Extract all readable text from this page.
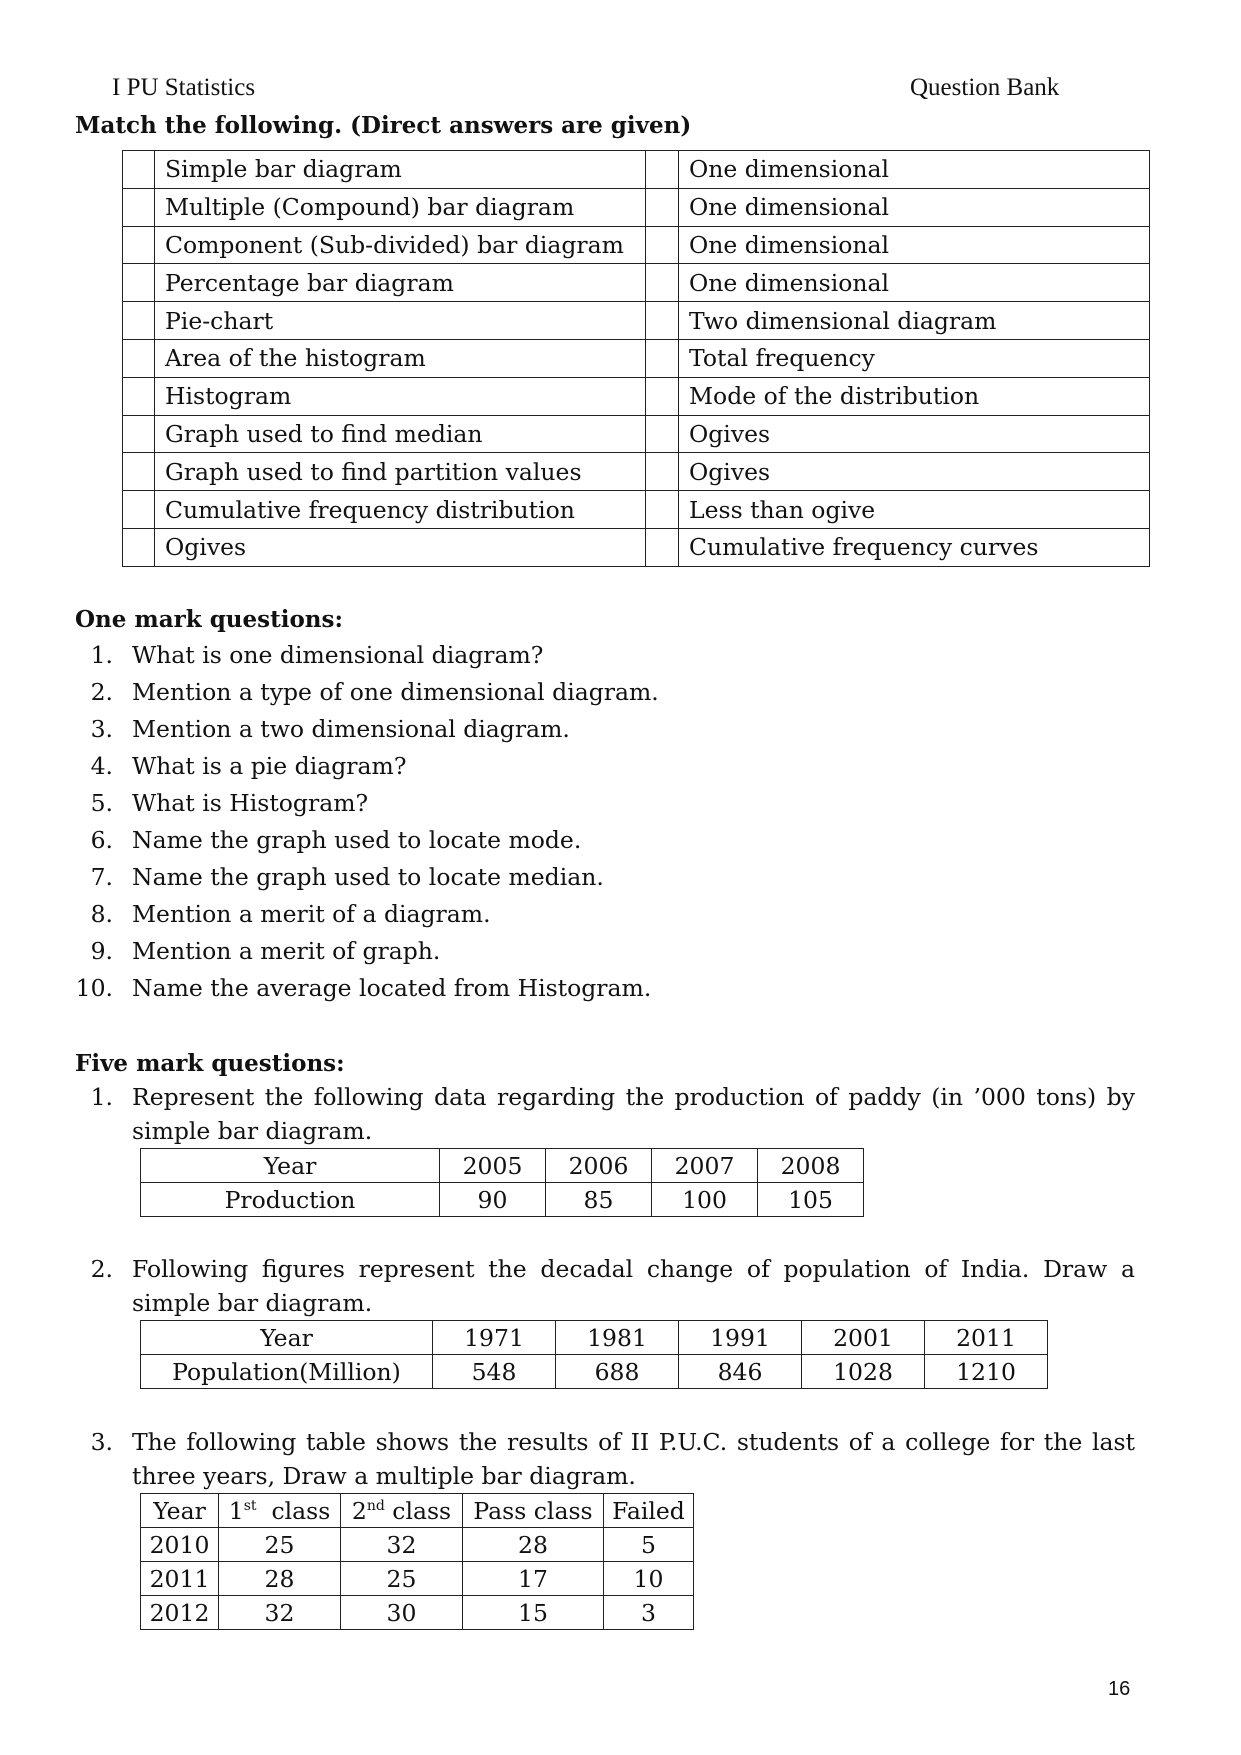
I PU Statistics	Question Bank
Match the following. (Direct answers are given)
	Simple bar diagram		One dimensional
	Multiple (Compound) bar diagram		One dimensional
	Component (Sub-divided) bar diagram		One dimensional
	Percentage bar diagram		One dimensional
	Pie-chart		Two dimensional diagram
	Area of the histogram		Total frequency
	Histogram		Mode of the distribution
	Graph used to find median		Ogives
	Graph used to find partition values		Ogives
	Cumulative frequency distribution		Less than ogive
	Ogives		Cumulative frequency curves
One mark questions:
1. What is one dimensional diagram?
2. Mention a type of one dimensional diagram.
3. Mention a two dimensional diagram.
4. What is a pie diagram?
5. What is Histogram?
6. Name the graph used to locate mode.
7. Name the graph used to locate median.
8. Mention a merit of a diagram.
9. Mention a merit of graph.
10. Name the average located from Histogram.
Five mark questions:
1. Represent the following data regarding the production of paddy (in ’000 tons) by simple bar diagram.
Year	2005	2006	2007	2008
Production	90	85	100	105
2. Following figures represent the decadal change of population of India. Draw a simple bar diagram.
Year	1971	1981	1991	2001	2011
Population(Million)	548	688	846	1028	1210
3. The following table shows the results of II P.U.C. students of a college for the last three years, Draw a multiple bar diagram.
Year	1st  class	2nd class	Pass class	Failed
2010	25	32	28	5
2011	28	25	17	10
2012	32	30	15	3
16
